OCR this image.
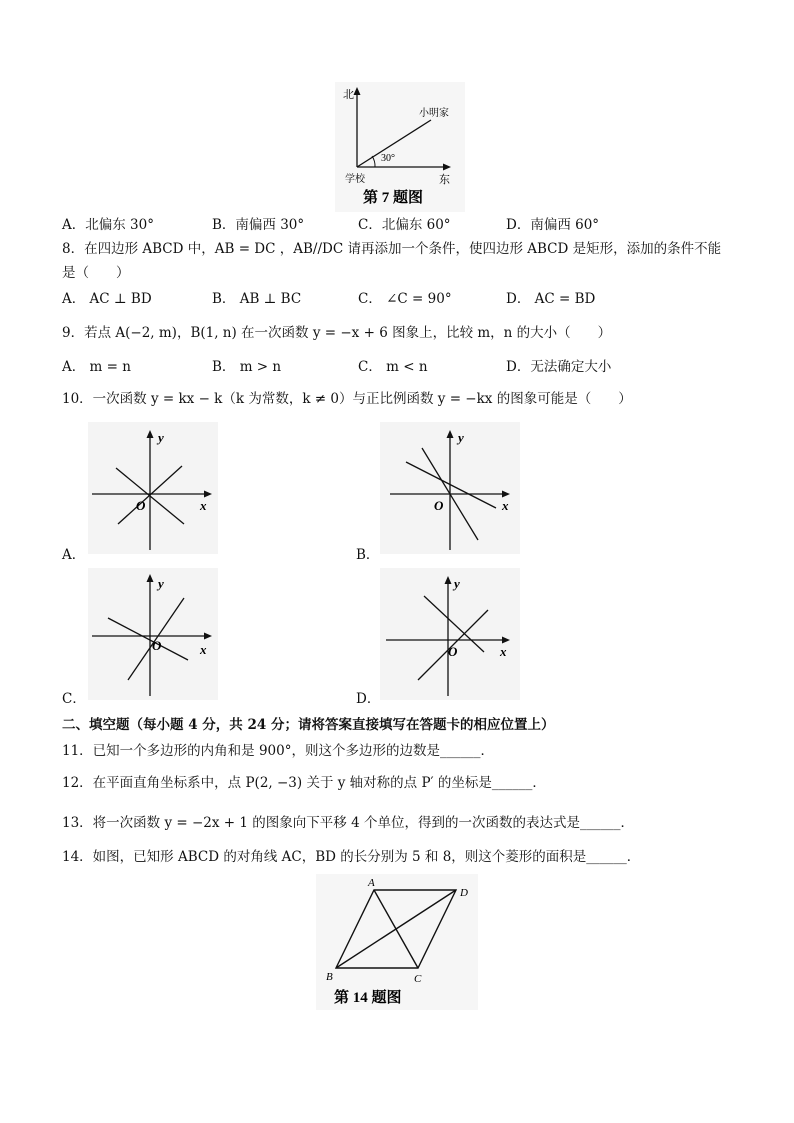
北
小明家
30°
学校	东
第 7 题图
A．北偏东 30°	B．南偏西 30°	C．北偏东 60°	D．南偏西 60°
8．在四边形 ABCD 中，AB = DC ，AB//DC 请再添加一个条件，使四边形 ABCD 是矩形，添加的条件不能
是（　　）
A． AC ⊥ BD	B． AB ⊥ BC	C． ∠C = 90°	D． AC = BD
9．若点 A(−2, m)，B(1, n) 在一次函数 y = −x + 6 图象上，比较 m，n 的大小（　　）
A． m = n	B． m > n	C． m < n	D．无法确定大小
10．一次函数 y = kx − k（k 为常数，k ≠ 0）与正比例函数 y = −kx 的图象可能是（　　）
y
x
O
A．
y
x
O
B．
y
x
O
C．
y
x
O
D．
二、填空题（每小题 4 分，共 24 分；请将答案直接填写在答题卡的相应位置上）
11．已知一个多边形的内角和是 900°，则这个多边形的边数是______．
12．在平面直角坐标系中，点 P(2, −3) 关于 y 轴对称的点 P′ 的坐标是______．
13．将一次函数 y = −2x + 1 的图象向下平移 4 个单位，得到的一次函数的表达式是______．
14．如图，已知形 ABCD 的对角线 AC，BD 的长分别为 5 和 8，则这个菱形的面积是______．
A
D
B	C
第 14 题图
